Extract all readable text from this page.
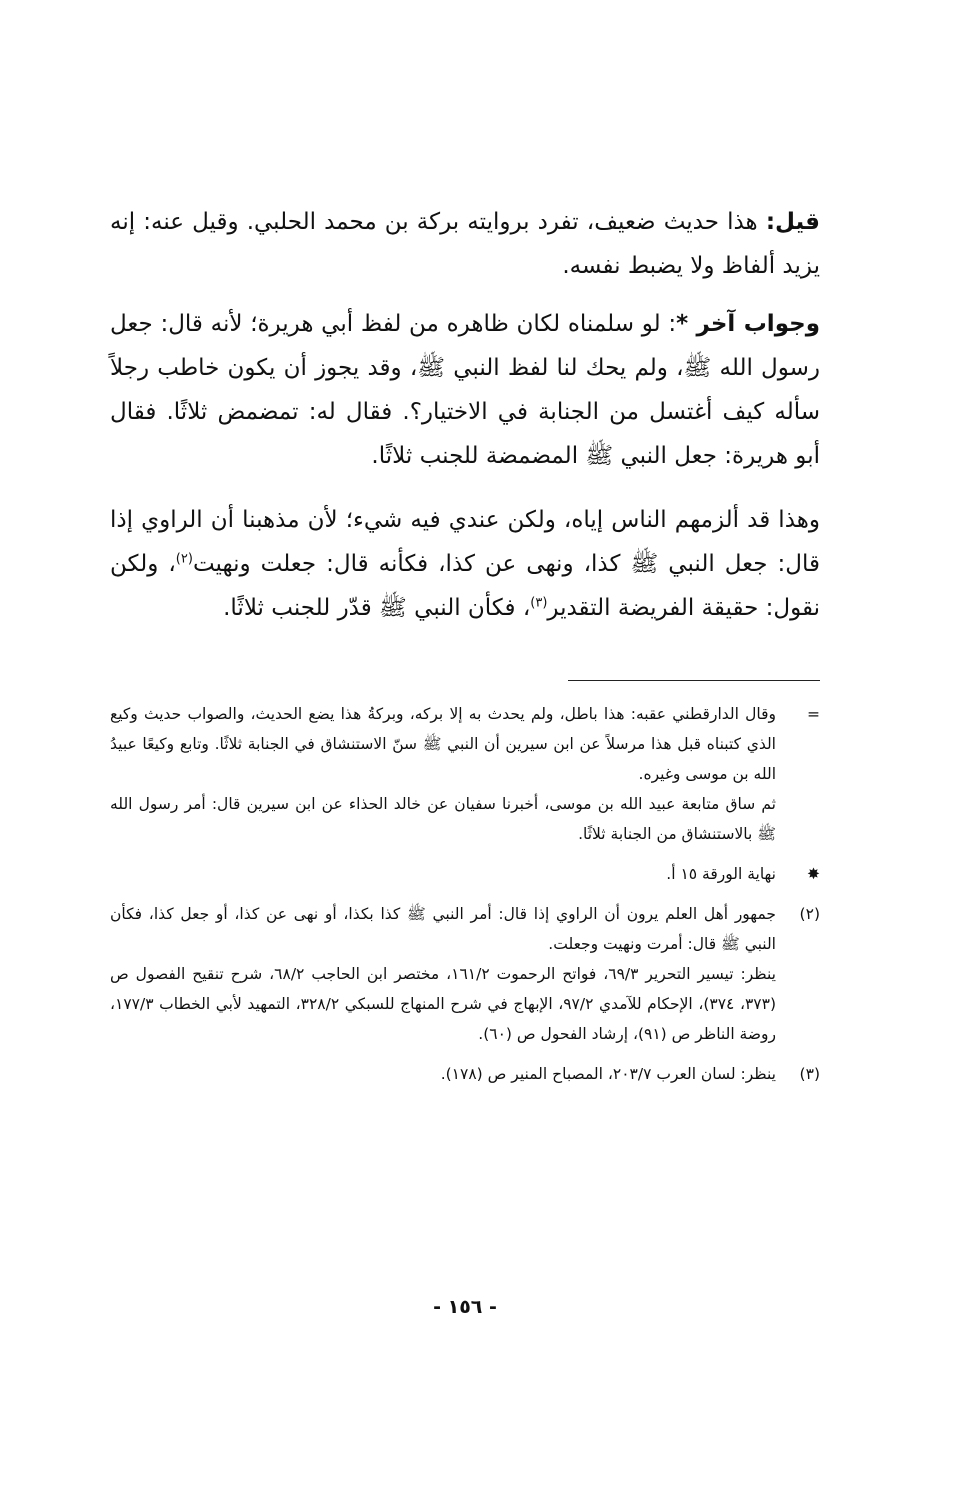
قيل: هذا حديث ضعيف، تفرد بروايته بركة بن محمد الحلبي. وقيل عنه: إنه يزيد ألفاظ ولا يضبط نفسه.

وجواب آخر *: لو سلمناه لكان ظاهره من لفظ أبي هريرة؛ لأنه قال: جعل رسول الله ﷺ، ولم يحك لنا لفظ النبي ﷺ، وقد يجوز أن يكون خاطب رجلاً سأله كيف أغتسل من الجنابة في الاختيار؟. فقال له: تمضمض ثلاثًا. فقال أبو هريرة: جعل النبي ﷺ المضمضة للجنب ثلاثًا.

وهذا قد ألزمهم الناس إياه، ولكن عندي فيه شيء؛ لأن مذهبنا أن الراوي إذا قال: جعل النبي ﷺ كذا، ونهى عن كذا، فكأنه قال: جعلت ونهيت$^{(٢)}$، ولكن نقول: حقيقة الفريضة التقدير$^{(٣)}$، فكأن النبي ﷺ قدّر للجنب ثلاثًا.

=

وقال الدارقطني عقبه: هذا باطل، ولم يحدث به إلا بركه، وبركةُ هذا يضع الحديث، والصواب حديث وكيع الذي كتبناه قبل هذا مرسلاً عن ابن سيرين أن النبي ﷺ سنّ الاستنشاق في الجنابة ثلاثًا. وتابع وكيعًا عبيدُ الله بن موسى وغيره.

ثم ساق متابعة عبيد الله بن موسى، أخبرنا سفيان عن خالد الحذاء عن ابن سيرين قال: أمر رسول الله ﷺ بالاستنشاق من الجنابة ثلاثًا.

✸

نهاية الورقة ١٥ أ.

(٢)

جمهور أهل العلم يرون أن الراوي إذا قال: أمر النبي ﷺ كذا بكذا، أو نهى عن كذا، أو جعل كذا، فكأن النبي ﷺ قال: أمرت ونهيت وجعلت.

ينظر: تيسير التحرير ٦٩/٣، فواتح الرحموت ١٦١/٢، مختصر ابن الحاجب ٦٨/٢، شرح تنقيح الفصول ص (٣٧٣، ٣٧٤)، الإحكام للآمدي ٩٧/٢، الإبهاج في شرح المنهاج للسبكي ٣٢٨/٢، التمهيد لأبي الخطاب ١٧٧/٣، روضة الناظر ص (٩١)، إرشاد الفحول ص (٦٠).

(٣)

ينظر: لسان العرب ٢٠٣/٧، المصباح المنير ص (١٧٨).

- ١٥٦ -
